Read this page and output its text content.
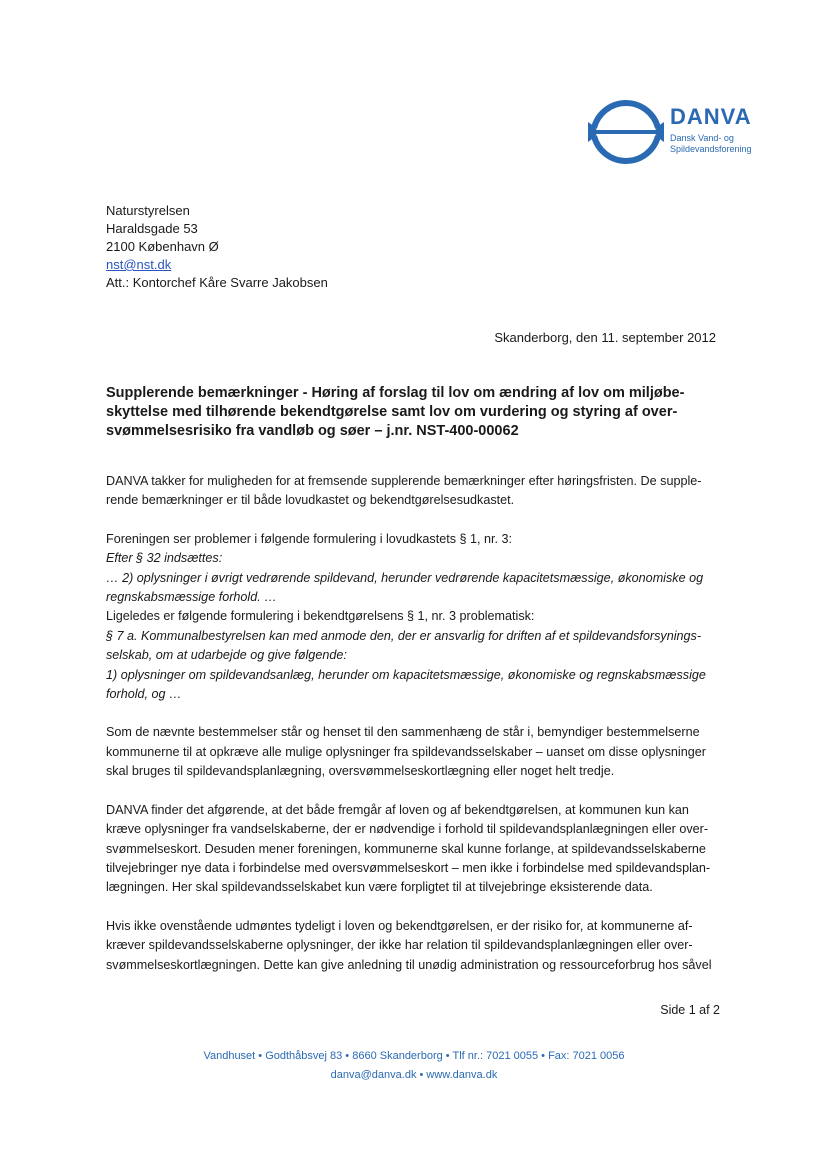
DANVA
Dansk Vand- og
Spildevandsforening
Naturstyrelsen
Haraldsgade 53
2100 København Ø
nst@nst.dk
Att.: Kontorchef Kåre Svarre Jakobsen
Skanderborg, den 11. september 2012
Supplerende bemærkninger - Høring af forslag til lov om ændring af lov om miljøbe-
skyttelse med tilhørende bekendtgørelse samt lov om vurdering og styring af over-
svømmelsesrisiko fra vandløb og søer – j.nr. NST-400-00062
DANVA takker for muligheden for at fremsende supplerende bemærkninger efter høringsfristen. De supple-
rende bemærkninger er til både lovudkastet og bekendtgørelsesudkastet.
Foreningen ser problemer i følgende formulering i lovudkastets § 1, nr. 3:
Efter § 32 indsættes:
… 2) oplysninger i øvrigt vedrørende spildevand, herunder vedrørende kapacitetsmæssige, økonomiske og
regnskabsmæssige forhold. …
Ligeledes er følgende formulering i bekendtgørelsens § 1, nr. 3 problematisk:
§ 7 a. Kommunalbestyrelsen kan med anmode den, der er ansvarlig for driften af et spildevandsforsynings-
selskab, om at udarbejde og give følgende:
1) oplysninger om spildevandsanlæg, herunder om kapacitetsmæssige, økonomiske og regnskabsmæssige
forhold, og …
Som de nævnte bestemmelser står og henset til den sammenhæng de står i, bemyndiger bestemmelserne
kommunerne til at opkræve alle mulige oplysninger fra spildevandsselskaber – uanset om disse oplysninger
skal bruges til spildevandsplanlægning, oversvømmelseskortlægning eller noget helt tredje.
DANVA finder det afgørende, at det både fremgår af loven og af bekendtgørelsen, at kommunen kun kan
kræve oplysninger fra vandselskaberne, der er nødvendige i forhold til spildevandsplanlægningen eller over-
svømmelseskort. Desuden mener foreningen, kommunerne skal kunne forlange, at spildevandsselskaberne
tilvejebringer nye data i forbindelse med oversvømmelseskort – men ikke i forbindelse med spildevandsplan-
lægningen. Her skal spildevandsselskabet kun være forpligtet til at tilvejebringe eksisterende data.
Hvis ikke ovenstående udmøntes tydeligt i loven og bekendtgørelsen, er der risiko for, at kommunerne af-
kræver spildevandsselskaberne oplysninger, der ikke har relation til spildevandsplanlægningen eller over-
svømmelseskortlægningen. Dette kan give anledning til unødig administration og ressourceforbrug hos såvel
Side 1 af 2
Vandhuset • Godthåbsvej 83 • 8660 Skanderborg • Tlf nr.: 7021 0055 • Fax: 7021 0056
danva@danva.dk • www.danva.dk
